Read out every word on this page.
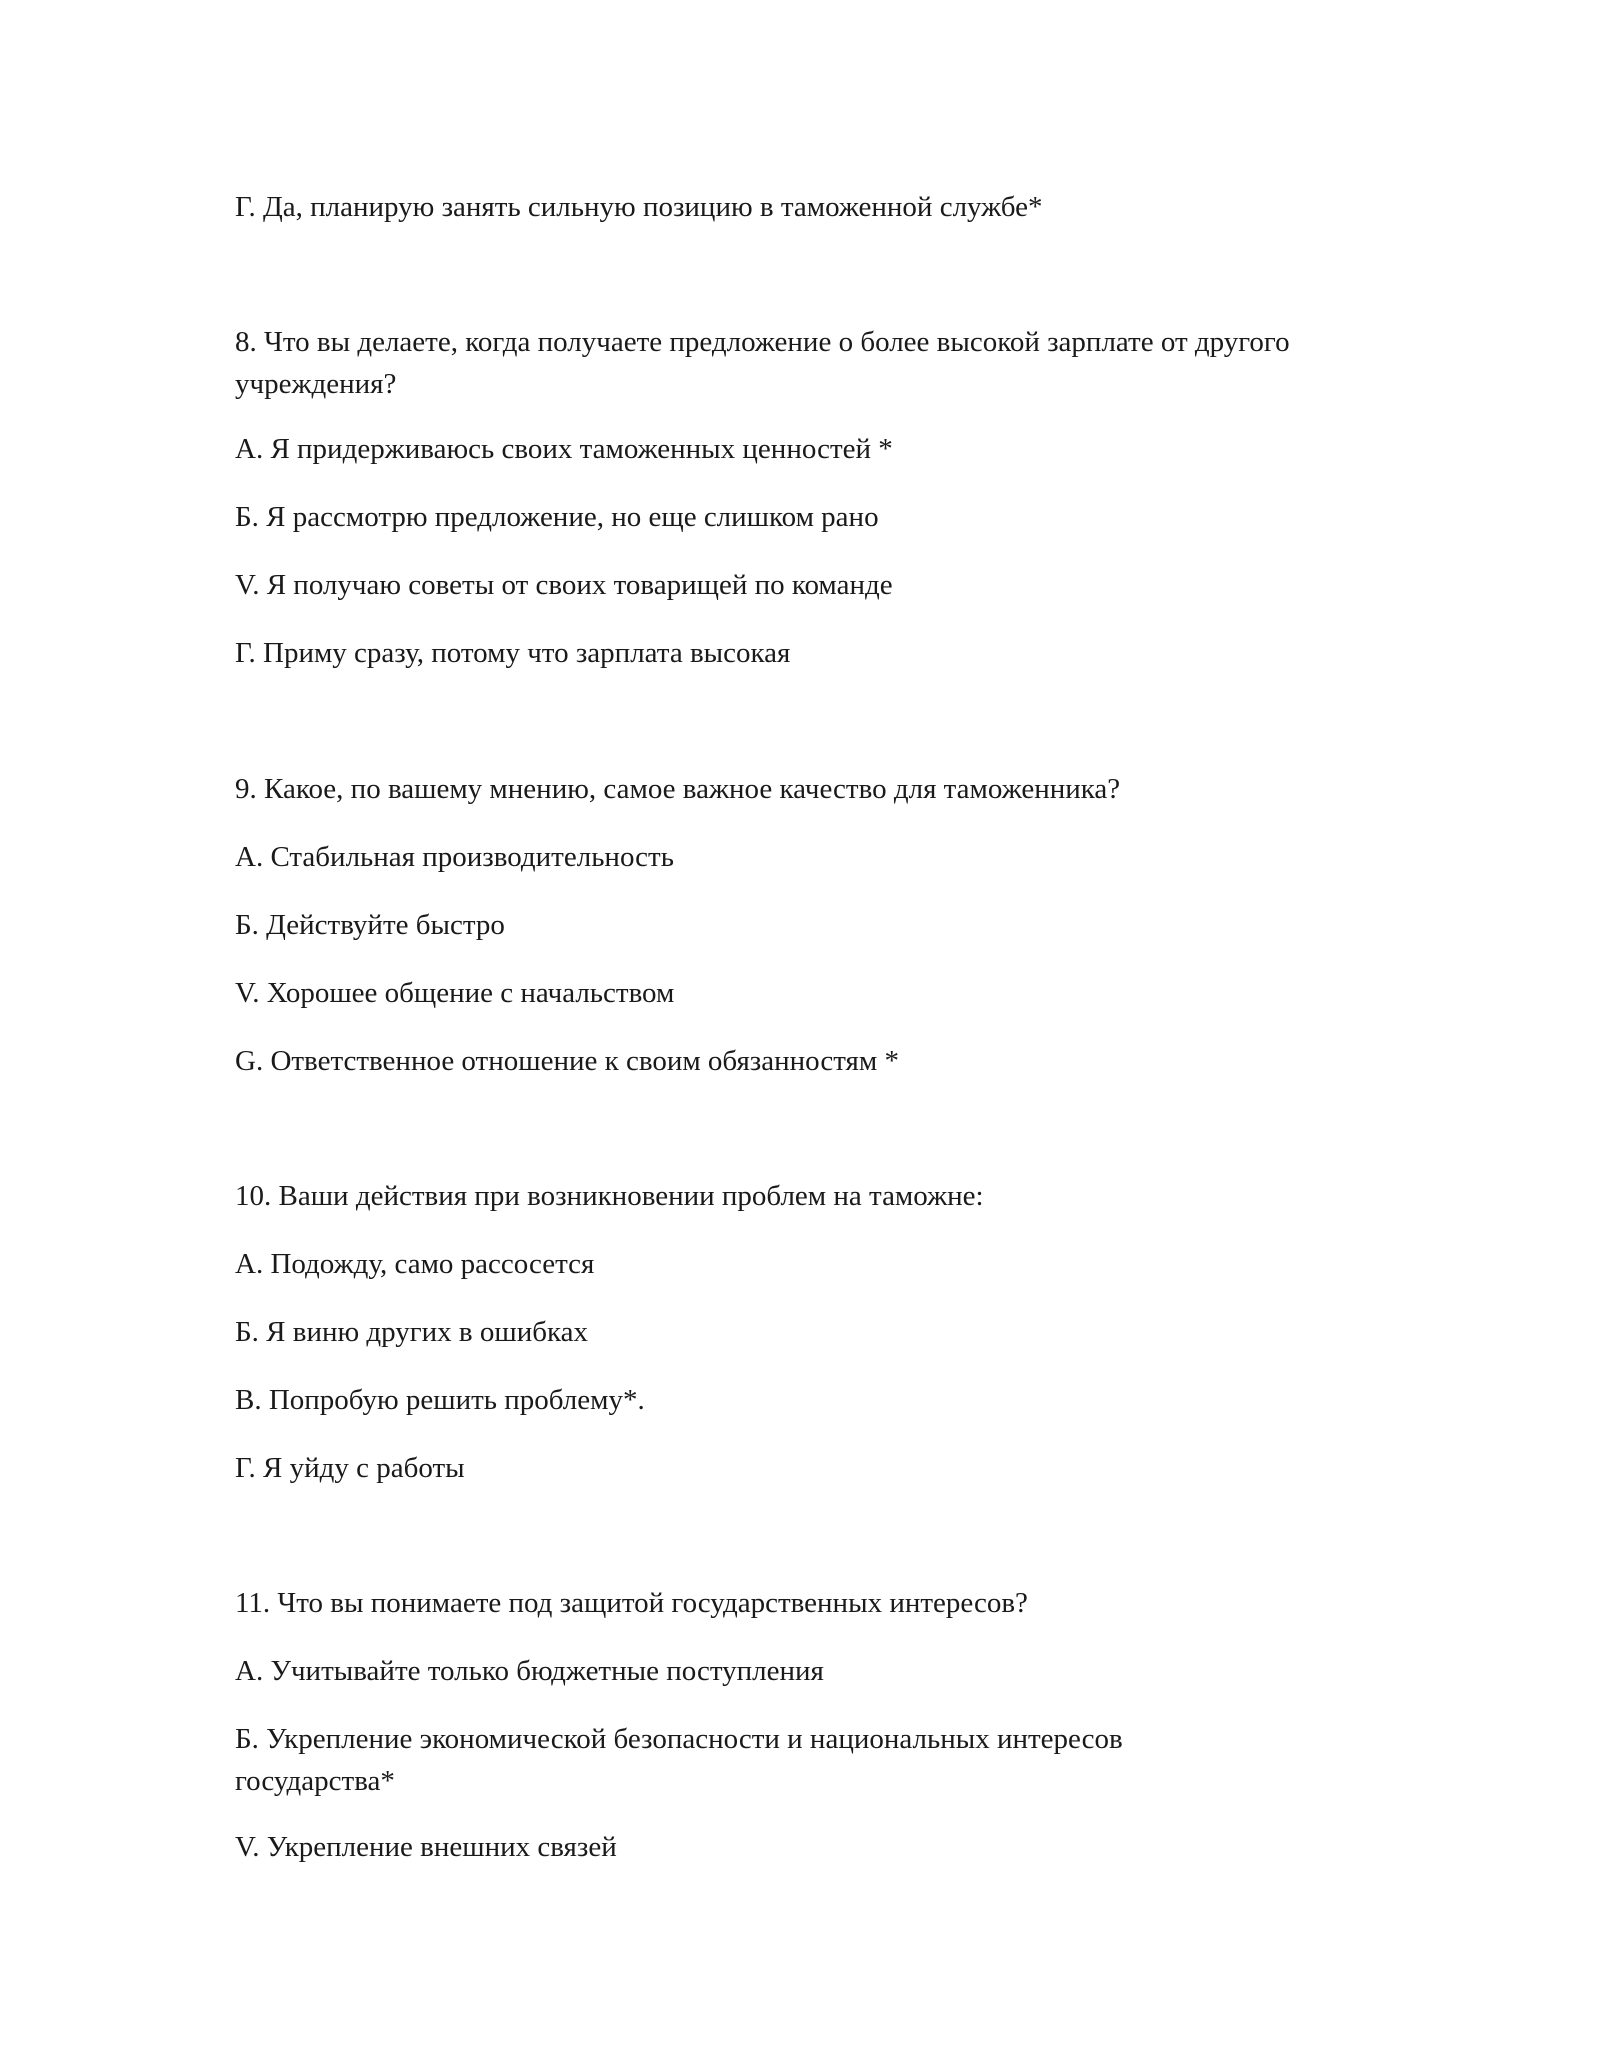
Г. Да, планирую занять сильную позицию в таможенной службе*
8. Что вы делаете, когда получаете предложение о более высокой зарплате от другого учреждения?
А. Я придерживаюсь своих таможенных ценностей *
Б. Я рассмотрю предложение, но еще слишком рано
V. Я получаю советы от своих товарищей по команде
Г. Приму сразу, потому что зарплата высокая
9. Какое, по вашему мнению, самое важное качество для таможенника?
А. Стабильная производительность
Б. Действуйте быстро
V. Хорошее общение с начальством
G. Ответственное отношение к своим обязанностям *
10. Ваши действия при возникновении проблем на таможне:
А. Подожду, само рассосется
Б. Я виню других в ошибках
В. Попробую решить проблему*.
Г. Я уйду с работы
11. Что вы понимаете под защитой государственных интересов?
А. Учитывайте только бюджетные поступления
Б. Укрепление экономической безопасности и национальных интересов государства*
V. Укрепление внешних связей
